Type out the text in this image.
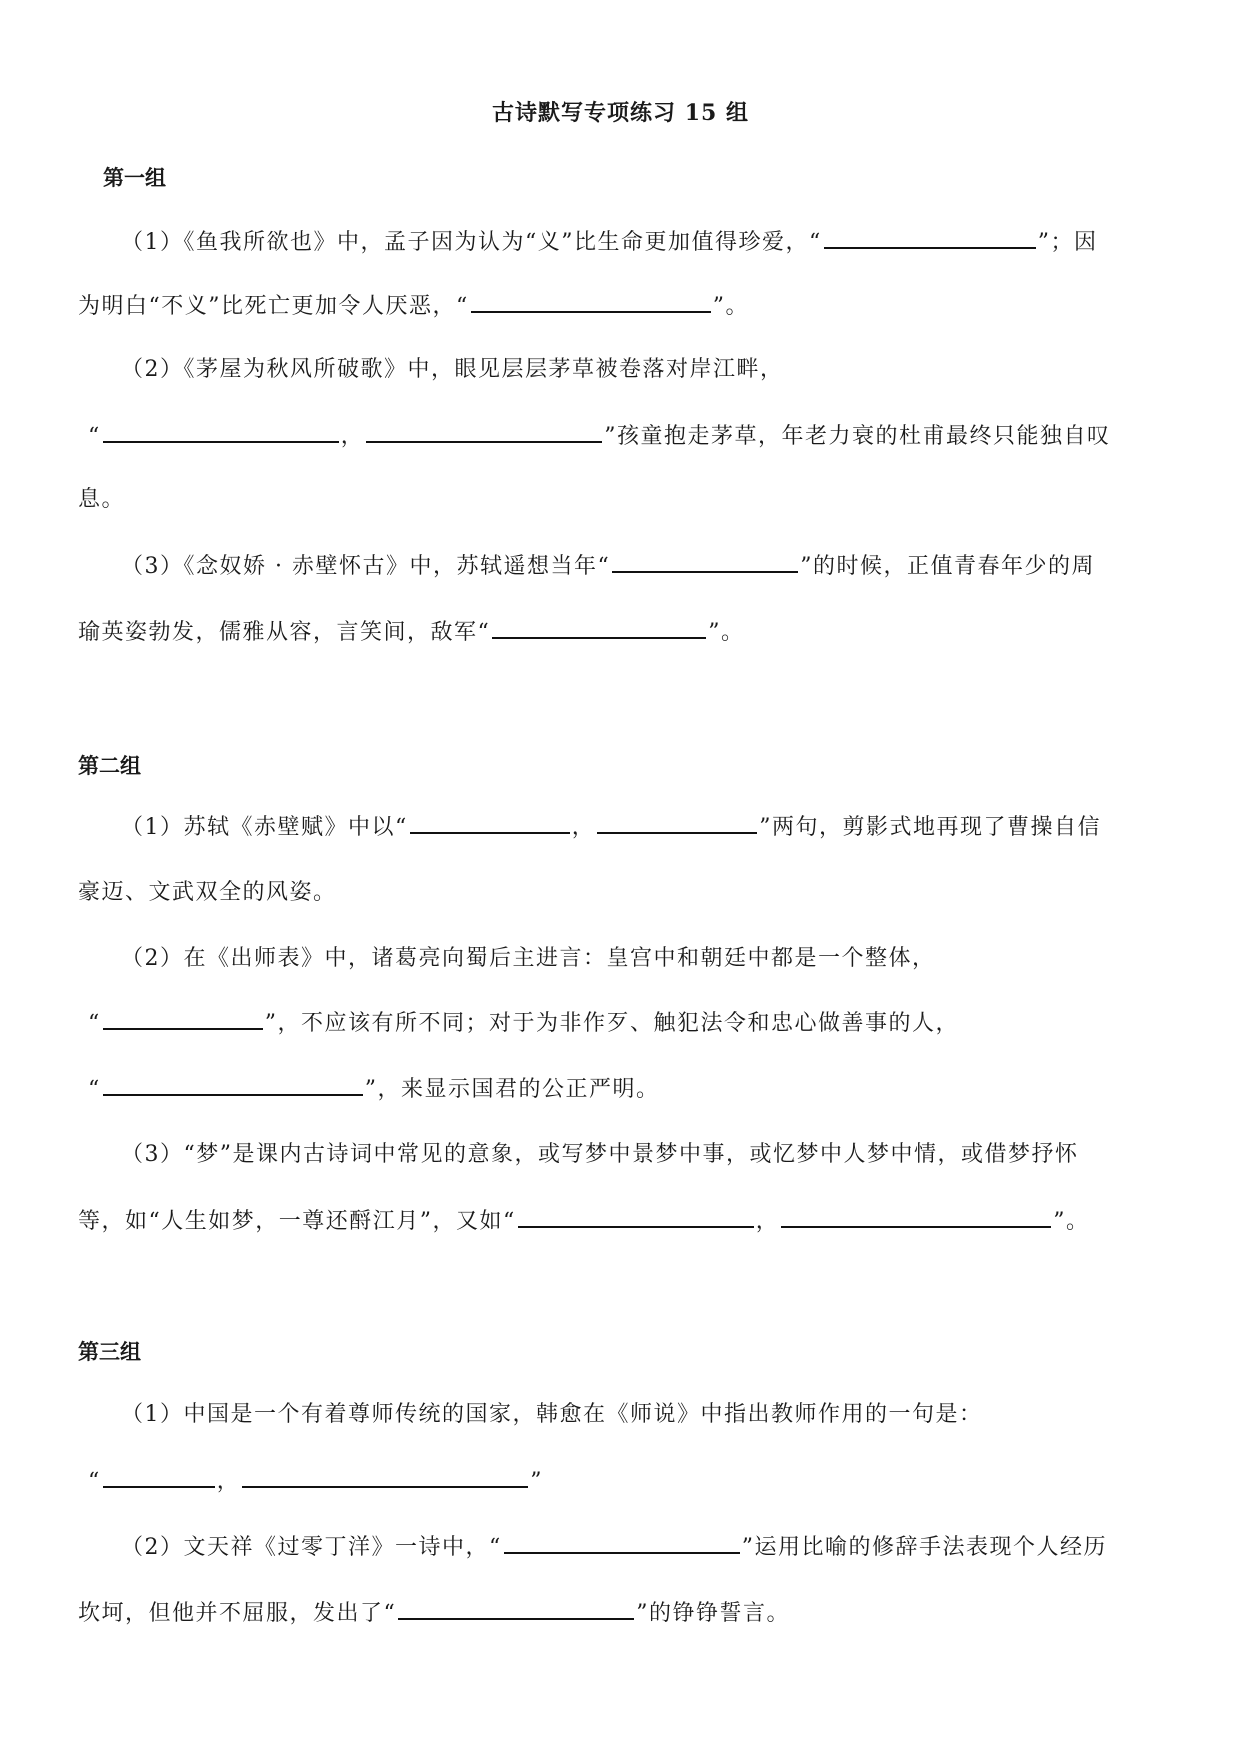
古诗默写专项练习 15 组
第一组
（1）《鱼我所欲也》中，孟子因为认为“义”比生命更加值得珍爱，“	”；因
为明白“不义”比死亡更加令人厌恶，“	”。
（2）《茅屋为秋风所破歌》中，眼见层层茅草被卷落对岸江畔，
“	，	”孩童抱走茅草，年老力衰的杜甫最终只能独自叹
息。
（3）《念奴娇 · 赤壁怀古》中，苏轼遥想当年“	”的时候，正值青春年少的周
瑜英姿勃发，儒雅从容，言笑间，敌军“	”。
第二组
（1）苏轼《赤壁赋》中以“	，	”两句，剪影式地再现了曹操自信
豪迈、文武双全的风姿。
（2）在《出师表》中，诸葛亮向蜀后主进言：皇宫中和朝廷中都是一个整体，
“	”，不应该有所不同；对于为非作歹、触犯法令和忠心做善事的人，
“	”，来显示国君的公正严明。
（3）“梦”是课内古诗词中常见的意象，或写梦中景梦中事，或忆梦中人梦中情，或借梦抒怀
等，如“人生如梦，一尊还酹江月”，又如“	，	”。
第三组
（1）中国是一个有着尊师传统的国家，韩愈在《师说》中指出教师作用的一句是：
“	，	”
（2）文天祥《过零丁洋》一诗中，“	”运用比喻的修辞手法表现个人经历
坎坷，但他并不屈服，发出了“	”的铮铮誓言。
